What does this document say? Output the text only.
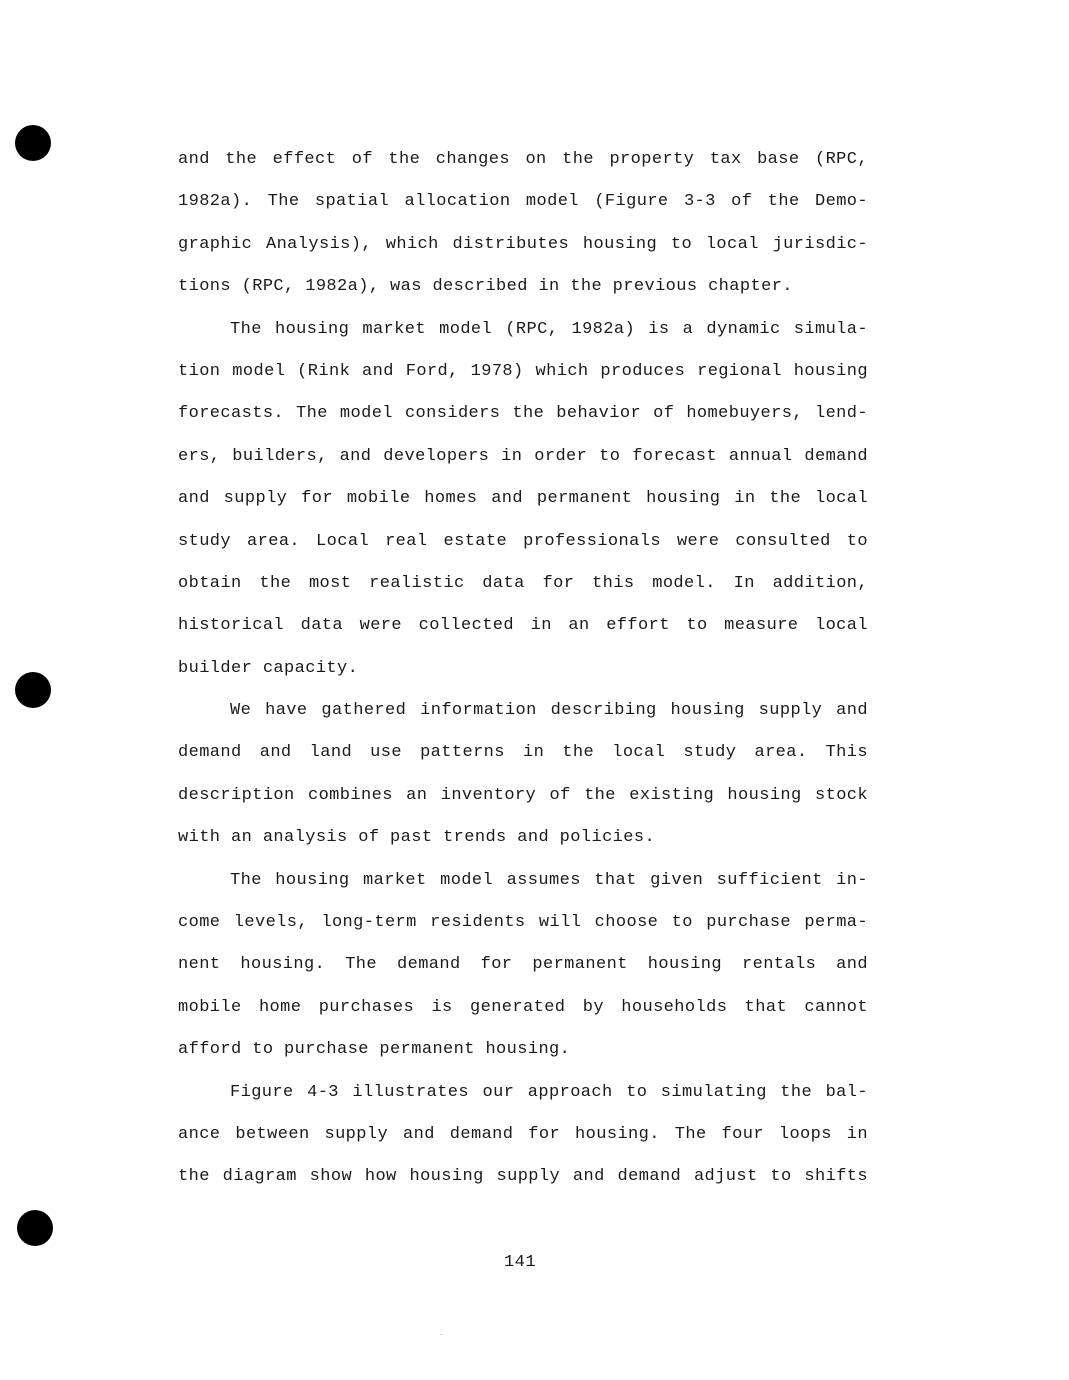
and the effect of the changes on the property tax base (RPC,
1982a). The spatial allocation model (Figure 3-3 of the Demo-
graphic Analysis), which distributes housing to local jurisdic-
tions (RPC, 1982a), was described in the previous chapter.
The housing market model (RPC, 1982a) is a dynamic simula-
tion model (Rink and Ford, 1978) which produces regional housing
forecasts. The model considers the behavior of homebuyers, lend-
ers, builders, and developers in order to forecast annual demand
and supply for mobile homes and permanent housing in the local
study area. Local real estate professionals were consulted to
obtain the most realistic data for this model. In addition,
historical data were collected in an effort to measure local
builder capacity.
We have gathered information describing housing supply and
demand and land use patterns in the local study area. This
description combines an inventory of the existing housing stock
with an analysis of past trends and policies.
The housing market model assumes that given sufficient in-
come levels, long-term residents will choose to purchase perma-
nent housing. The demand for permanent housing rentals and
mobile home purchases is generated by households that cannot
afford to purchase permanent housing.
Figure 4-3 illustrates our approach to simulating the bal-
ance between supply and demand for housing. The four loops in
the diagram show how housing supply and demand adjust to shifts
141
